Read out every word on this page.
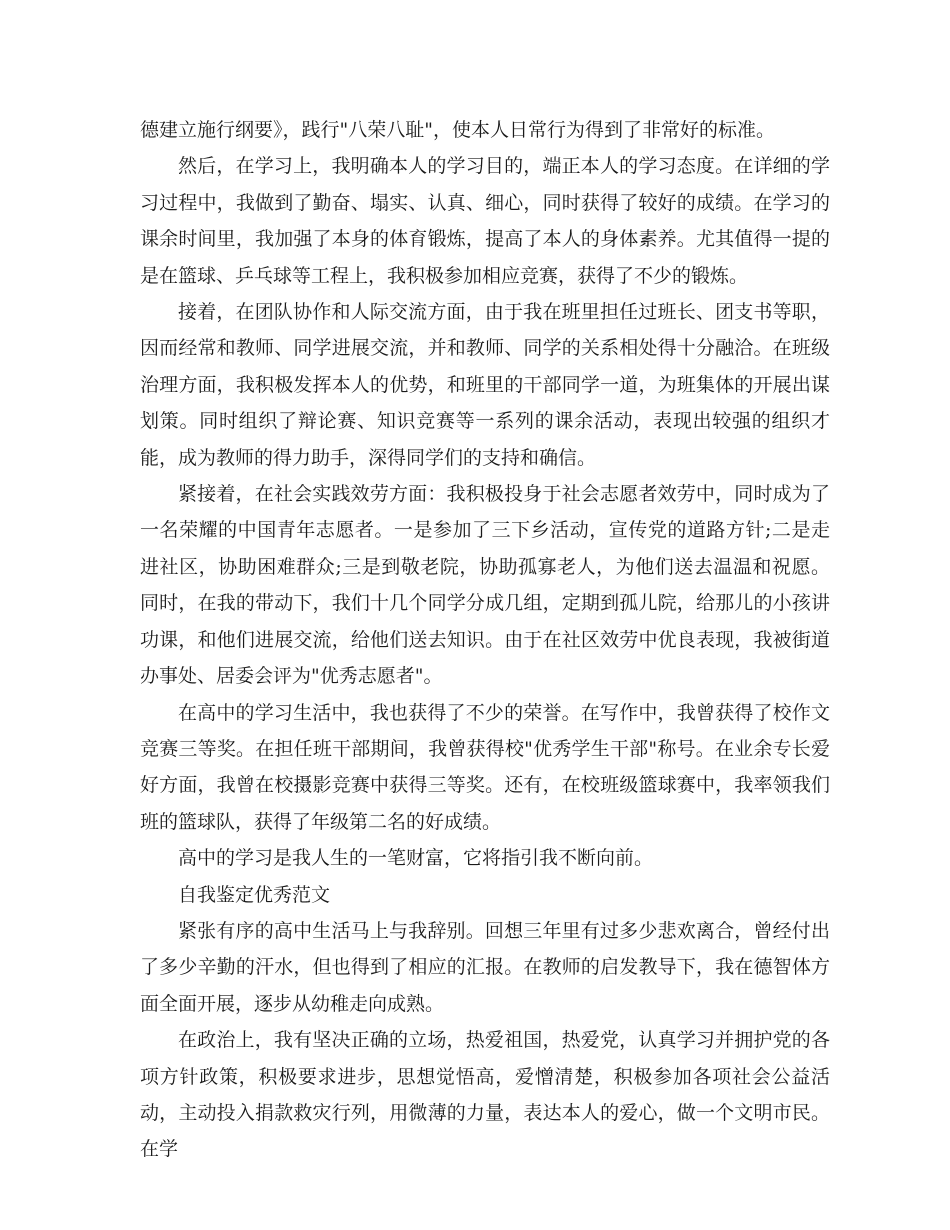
德建立施行纲要》，践行"八荣八耻"，使本人日常行为得到了非常好的标准。

然后，在学习上，我明确本人的学习目的，端正本人的学习态度。在详细的学习过程中，我做到了勤奋、塌实、认真、细心，同时获得了较好的成绩。在学习的课余时间里，我加强了本身的体育锻炼，提高了本人的身体素养。尤其值得一提的是在篮球、乒乓球等工程上，我积极参加相应竞赛，获得了不少的锻炼。

接着，在团队协作和人际交流方面，由于我在班里担任过班长、团支书等职，因而经常和教师、同学进展交流，并和教师、同学的关系相处得十分融洽。在班级治理方面，我积极发挥本人的优势，和班里的干部同学一道，为班集体的开展出谋划策。同时组织了辩论赛、知识竞赛等一系列的课余活动，表现出较强的组织才能，成为教师的得力助手，深得同学们的支持和确信。

紧接着，在社会实践效劳方面：我积极投身于社会志愿者效劳中，同时成为了一名荣耀的中国青年志愿者。一是参加了三下乡活动，宣传党的道路方针;二是走进社区，协助困难群众;三是到敬老院，协助孤寡老人，为他们送去温温和祝愿。同时，在我的带动下，我们十几个同学分成几组，定期到孤儿院，给那儿的小孩讲功课，和他们进展交流，给他们送去知识。由于在社区效劳中优良表现，我被街道办事处、居委会评为"优秀志愿者"。

在高中的学习生活中，我也获得了不少的荣誉。在写作中，我曾获得了校作文竞赛三等奖。在担任班干部期间，我曾获得校"优秀学生干部"称号。在业余专长爱好方面，我曾在校摄影竞赛中获得三等奖。还有，在校班级篮球赛中，我率领我们班的篮球队，获得了年级第二名的好成绩。

高中的学习是我人生的一笔财富，它将指引我不断向前。

自我鉴定优秀范文

紧张有序的高中生活马上与我辞别。回想三年里有过多少悲欢离合，曾经付出了多少辛勤的汗水，但也得到了相应的汇报。在教师的启发教导下，我在德智体方面全面开展，逐步从幼稚走向成熟。

在政治上，我有坚决正确的立场，热爱祖国，热爱党，认真学习并拥护党的各项方针政策，积极要求进步，思想觉悟高，爱憎清楚，积极参加各项社会公益活动，主动投入捐款救灾行列，用微薄的力量，表达本人的爱心，做一个文明市民。在学
